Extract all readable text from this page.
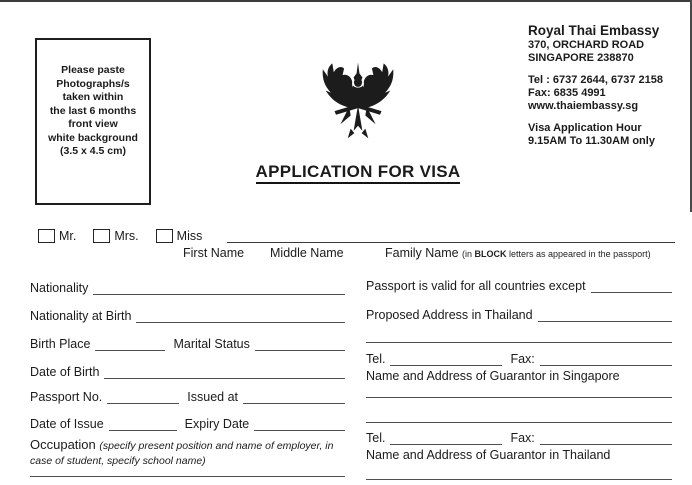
Please paste
Photographs/s
taken within
the last 6 months
front view
white background
(3.5 x 4.5 cm)
APPLICATION FOR VISA
Royal Thai Embassy
370, ORCHARD ROAD
SINGAPORE 238870
Tel : 6737 2644, 6737 2158
Fax: 6835 4991
www.thaiembassy.sg
Visa Application Hour
9.15AM To 11.30AM only
Mr.	Mrs.	Miss
First Name Middle Name	Family Name (in BLOCK letters as appeared in the passport)
Nationality
Nationality at Birth
Birth Place	Marital Status
Date of Birth
Passport No.	Issued at
Date of Issue	Expiry Date
Occupation (specify present position and name of employer, in case of student, specify school name)
Passport is valid for all countries except
Proposed Address in Thailand
Tel.	Fax:
Name and Address of Guarantor in Singapore
Tel.	Fax:
Name and Address of Guarantor in Thailand
